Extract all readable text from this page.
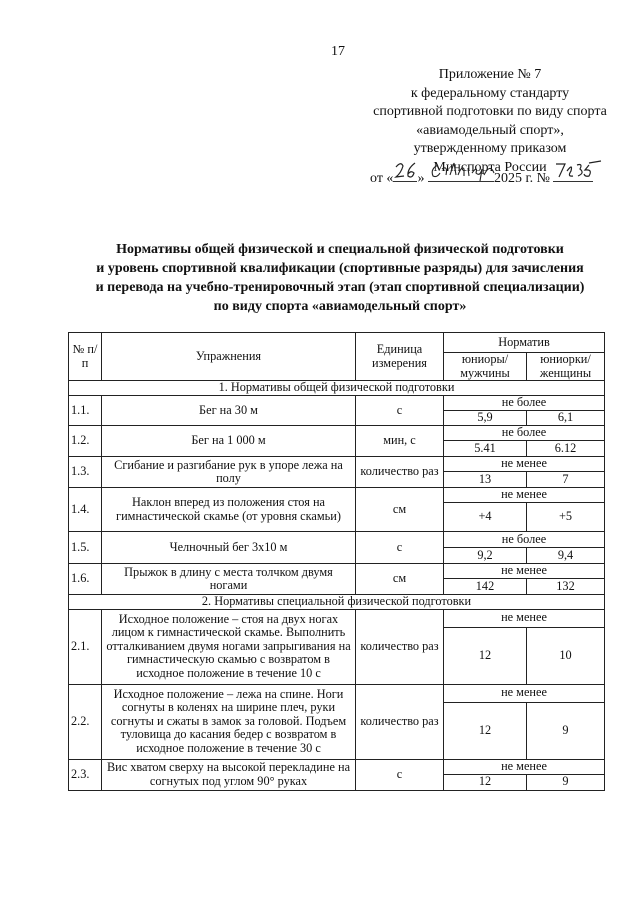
17
Приложение № 7
к федеральному стандарту
спортивной подготовки по виду спорта
«авиамодельный спорт»,
утвержденному приказом
Минспорта России
от « »	2025 г. №
Нормативы общей физической и специальной физической подготовки
и уровень спортивной квалификации (спортивные разряды) для зачисления
и перевода на учебно-тренировочный этап (этап спортивной специализации)
по виду спорта «авиамодельный спорт»
№ п/п	Упражнения	Единица измерения	Норматив	
			юниоры/ мужчины	юниорки/ женщины
1. Нормативы общей физической подготовки				
1.1.	Бег на 30 м	с	не более	
			5,9	6,1
1.2.	Бег на 1 000 м	мин, с	не более	
			5.41	6.12
1.3.	Сгибание и разгибание рук в упоре лежа на полу	количество раз	не менее	
			13	7
1.4.	Наклон вперед из положения стоя на гимнастической скамье (от уровня скамьи)	см	не менее	
			+4	+5
1.5.	Челночный бег 3х10 м	с	не более	
			9,2	9,4
1.6.	Прыжок в длину с места толчком двумя ногами	см	не менее	
			142	132
2. Нормативы специальной физической подготовки				
2.1.	Исходное положение – стоя на двух ногах лицом к гимнастической скамье. Выполнить отталкиванием двумя ногами запрыгивания на гимнастическую скамью с возвратом в исходное положение в течение 10 с	количество раз	не менее	
			12	10
2.2.	Исходное положение – лежа на спине. Ноги согнуты в коленях на ширине плеч, руки согнуты и сжаты в замок за головой. Подъем туловища до касания бедер с возвратом в исходное положение в течение 30 с	количество раз	не менее	
			12	9
2.3.	Вис хватом сверху на высокой перекладине на согнутых под углом 90° руках	с	не менее	
			12	9
